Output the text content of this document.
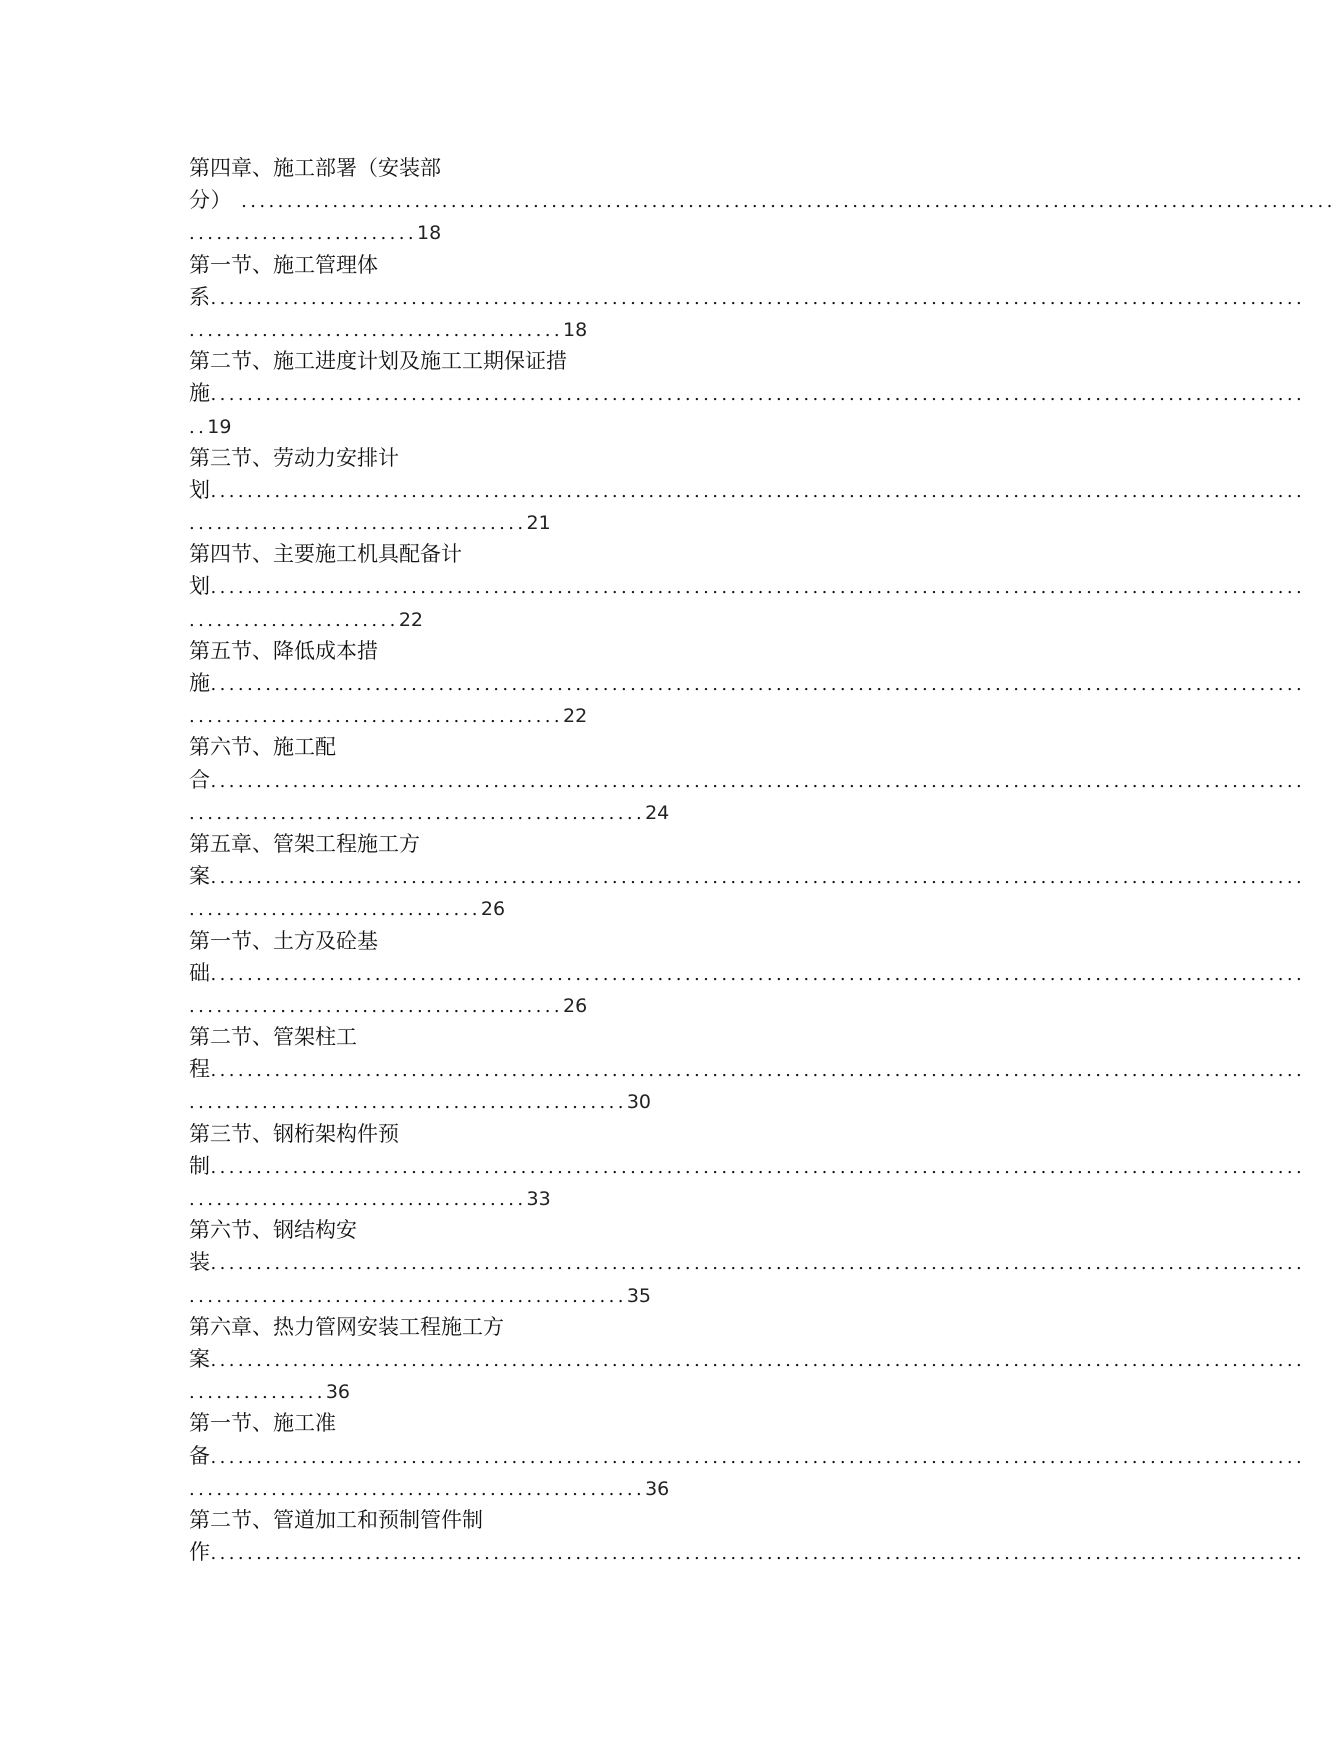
第四章、施工部署（安装部
分） ........................................................................................................................
.........................18
第一节、施工管理体
系........................................................................................................................
.........................................18
第二节、施工进度计划及施工工期保证措
施........................................................................................................................
..19
第三节、劳动力安排计
划........................................................................................................................
.....................................21
第四节、主要施工机具配备计
划........................................................................................................................
.......................22
第五节、降低成本措
施........................................................................................................................
.........................................22
第六节、施工配
合........................................................................................................................
..................................................24
第五章、管架工程施工方
案........................................................................................................................
................................26
第一节、土方及砼基
础........................................................................................................................
.........................................26
第二节、管架柱工
程........................................................................................................................
................................................30
第三节、钢桁架构件预
制........................................................................................................................
.....................................33
第六节、钢结构安
装........................................................................................................................
................................................35
第六章、热力管网安装工程施工方
案........................................................................................................................
...............36
第一节、施工准
备........................................................................................................................
..................................................36
第二节、管道加工和预制管件制
作........................................................................................................................
